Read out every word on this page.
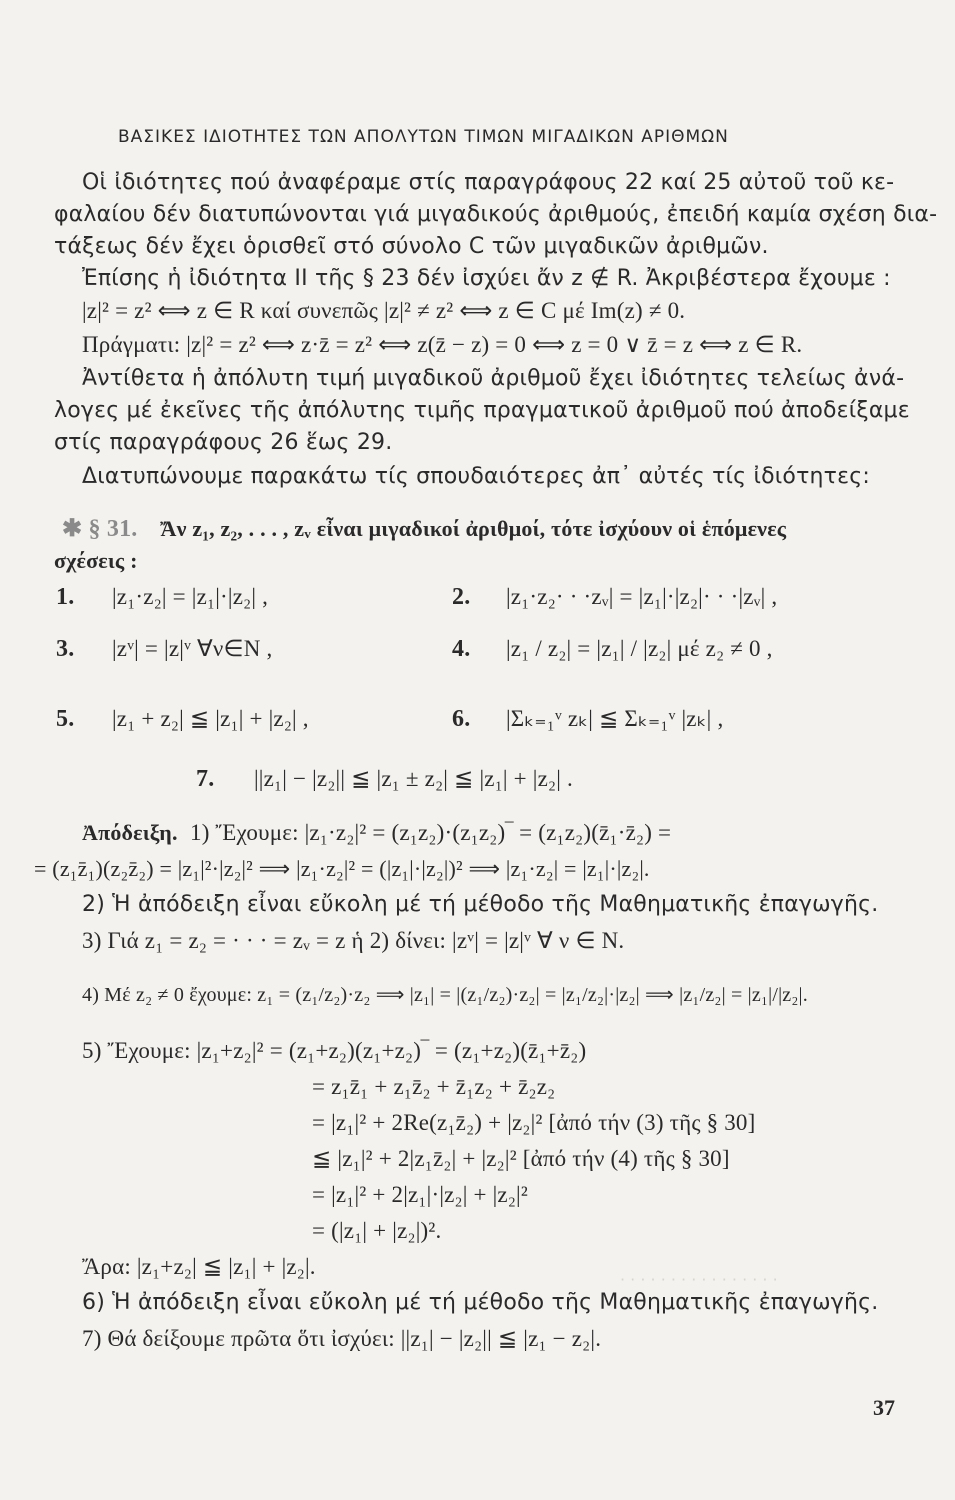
· · · · · · · · · · · · · · · ·
ΒΑΣΙΚΕΣ ΙΔΙΟΤΗΤΕΣ ΤΩΝ ΑΠΟΛΥΤΩΝ ΤΙΜΩΝ ΜΙΓΑΔΙΚΩΝ ΑΡΙΘΜΩΝ
Οἱ ἰδιότητες πού ἀναφέραμε στίς παραγράφους 22 καί 25 αὐτοῦ τοῦ κε-
φαλαίου δέν διατυπώνονται γιά μιγαδικούς ἀριθμούς, ἐπειδή καμία σχέση δια-
τάξεως δέν ἔχει ὁρισθεῖ στό σύνολο C τῶν μιγαδικῶν ἀριθμῶν.
Ἐπίσης ἡ ἰδιότητα II τῆς § 23 δέν ἰσχύει ἄν z ∉ R. Ἀκριβέστερα ἔχουμε :
|z|² = z² ⟺ z ∈ R καί συνεπῶς |z|² ≠ z² ⟺ z ∈ C μέ Im(z) ≠ 0.
Πράγματι: |z|² = z² ⟺ z·z̄ = z² ⟺ z(z̄ − z) = 0 ⟺ z = 0 ∨ z̄ = z ⟺ z ∈ R.
Ἀντίθετα ἡ ἀπόλυτη τιμή μιγαδικοῦ ἀριθμοῦ ἔχει ἰδιότητες τελείως ἀνά-
λογες μέ ἐκεῖνες τῆς ἀπόλυτης τιμῆς πραγματικοῦ ἀριθμοῦ πού ἀποδείξαμε
στίς παραγράφους 26 ἕως 29.
Διατυπώνουμε παρακάτω τίς σπουδαιότερες ἀπ᾿ αὐτές τίς ἰδιότητες:
✱ § 31. Ἄν z₁, z₂, . . . , zᵥ εἶναι μιγαδικοί ἀριθμοί, τότε ἰσχύουν οἱ ἑπόμενες
σχέσεις :
1. |z₁·z₂| = |z₁|·|z₂| ,	2. |z₁·z₂· · ·zᵥ| = |z₁|·|z₂|· · ·|zᵥ| ,
3. |zᵛ| = |z|ᵛ ∀ν∈N ,	4. |z₁ / z₂| = |z₁| / |z₂| μέ z₂ ≠ 0 ,
5. |z₁ + z₂| ≦ |z₁| + |z₂| ,	6. |Σₖ₌₁ᵛ zₖ| ≦ Σₖ₌₁ᵛ |zₖ| ,
7. ||z₁| − |z₂|| ≦ |z₁ ± z₂| ≦ |z₁| + |z₂| .
Ἀπόδειξη. 1) Ἔχουμε: |z₁·z₂|² = (z₁z₂)·(z₁z₂)‾ = (z₁z₂)(z̄₁·z̄₂) =
= (z₁z̄₁)(z₂z̄₂) = |z₁|²·|z₂|² ⟹ |z₁·z₂|² = (|z₁|·|z₂|)² ⟹ |z₁·z₂| = |z₁|·|z₂|.
2) Ἡ ἀπόδειξη εἶναι εὔκολη μέ τή μέθοδο τῆς Μαθηματικῆς ἐπαγωγῆς.
3) Γιά z₁ = z₂ = · · · = zᵥ = z ἡ 2) δίνει: |zᵛ| = |z|ᵛ ∀ ν ∈ N.
4) Μέ z₂ ≠ 0 ἔχουμε: z₁ = (z₁/z₂)·z₂ ⟹ |z₁| = |(z₁/z₂)·z₂| = |z₁/z₂|·|z₂| ⟹ |z₁/z₂| = |z₁|/|z₂|.
5) Ἔχουμε: |z₁+z₂|² = (z₁+z₂)(z₁+z₂)‾ = (z₁+z₂)(z̄₁+z̄₂)
= z₁z̄₁ + z₁z̄₂ + z̄₁z₂ + z̄₂z₂
= |z₁|² + 2Re(z₁z̄₂) + |z₂|² [ἀπό τήν (3) τῆς § 30]
≦ |z₁|² + 2|z₁z̄₂| + |z₂|² [ἀπό τήν (4) τῆς § 30]
= |z₁|² + 2|z₁|·|z₂| + |z₂|²
= (|z₁| + |z₂|)².
Ἄρα: |z₁+z₂| ≦ |z₁| + |z₂|.
6) Ἡ ἀπόδειξη εἶναι εὔκολη μέ τή μέθοδο τῆς Μαθηματικῆς ἐπαγωγῆς.
7) Θά δείξουμε πρῶτα ὅτι ἰσχύει: ||z₁| − |z₂|| ≦ |z₁ − z₂|.
37
